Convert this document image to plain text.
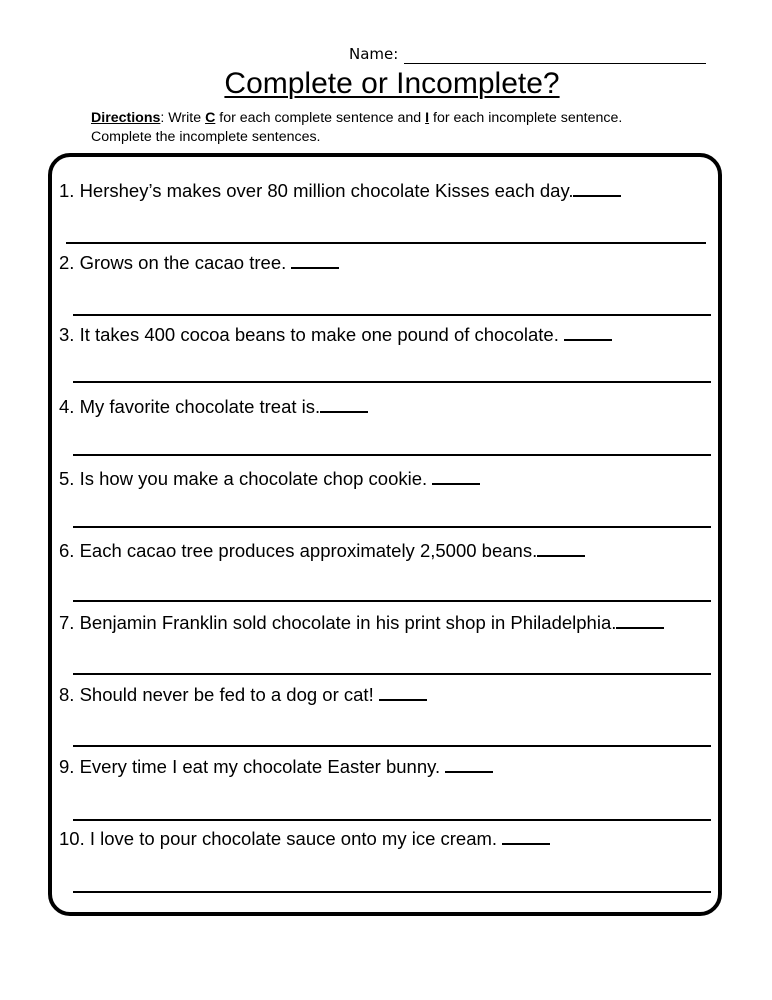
Name:
Complete or Incomplete?
Directions: Write C for each complete sentence and I for each incomplete sentence.
Complete the incomplete sentences.
1. Hershey’s makes over 80 million chocolate Kisses each day.
2. Grows on the cacao tree.
3. It takes 400 cocoa beans to make one pound of chocolate.
4. My favorite chocolate treat is.
5. Is how you make a chocolate chop cookie.
6. Each cacao tree produces approximately 2,5000 beans.
7. Benjamin Franklin sold chocolate in his print shop in Philadelphia.
8. Should never be fed to a dog or cat!
9. Every time I eat my chocolate Easter bunny.
10. I love to pour chocolate sauce onto my ice cream.
